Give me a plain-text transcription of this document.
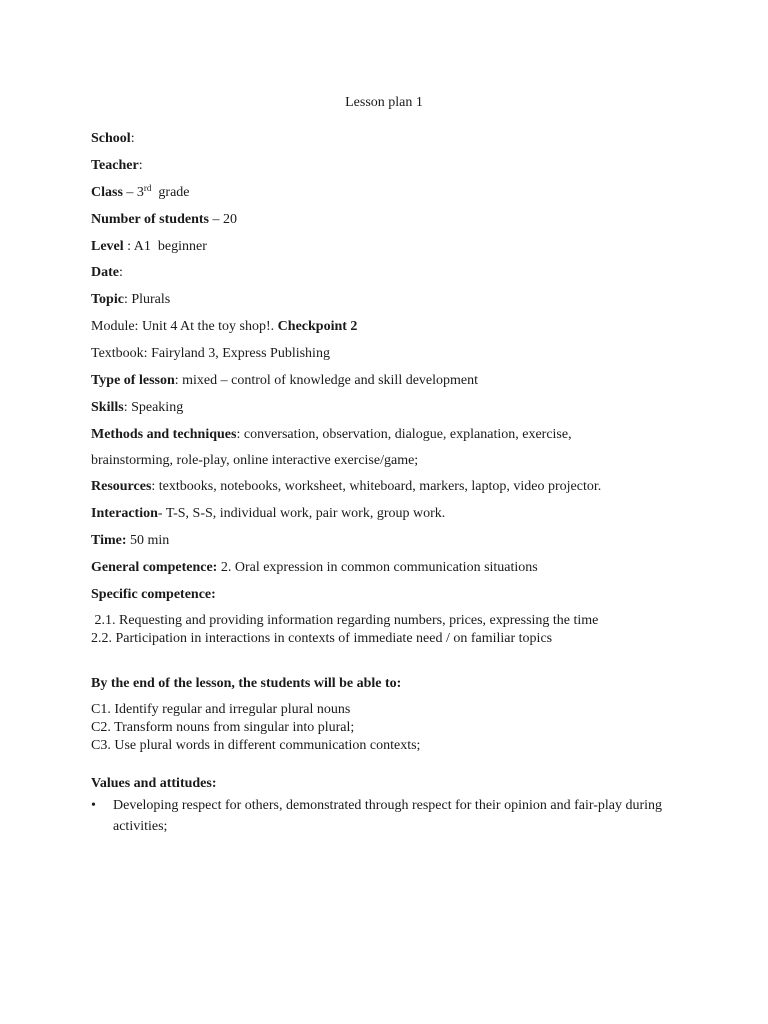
Lesson plan 1
School:
Teacher:
Class – 3rd  grade
Number of students – 20
Level : A1  beginner
Date:
Topic: Plurals
Module: Unit 4 At the toy shop!. Checkpoint 2
Textbook: Fairyland 3, Express Publishing
Type of lesson: mixed – control of knowledge and skill development
Skills: Speaking
Methods and techniques: conversation, observation, dialogue, explanation, exercise,
brainstorming, role-play, online interactive exercise/game;
Resources: textbooks, notebooks, worksheet, whiteboard, markers, laptop, video projector.
Interaction- T-S, S-S, individual work, pair work, group work.
Time: 50 min
General competence: 2. Oral expression in common communication situations
Specific competence:
2.1. Requesting and providing information regarding numbers, prices, expressing the time
2.2. Participation in interactions in contexts of immediate need / on familiar topics
By the end of the lesson, the students will be able to:
C1. Identify regular and irregular plural nouns
C2. Transform nouns from singular into plural;
C3. Use plural words in different communication contexts;
Values and attitudes:
• Developing respect for others, demonstrated through respect for their opinion and fair-play during activities;
